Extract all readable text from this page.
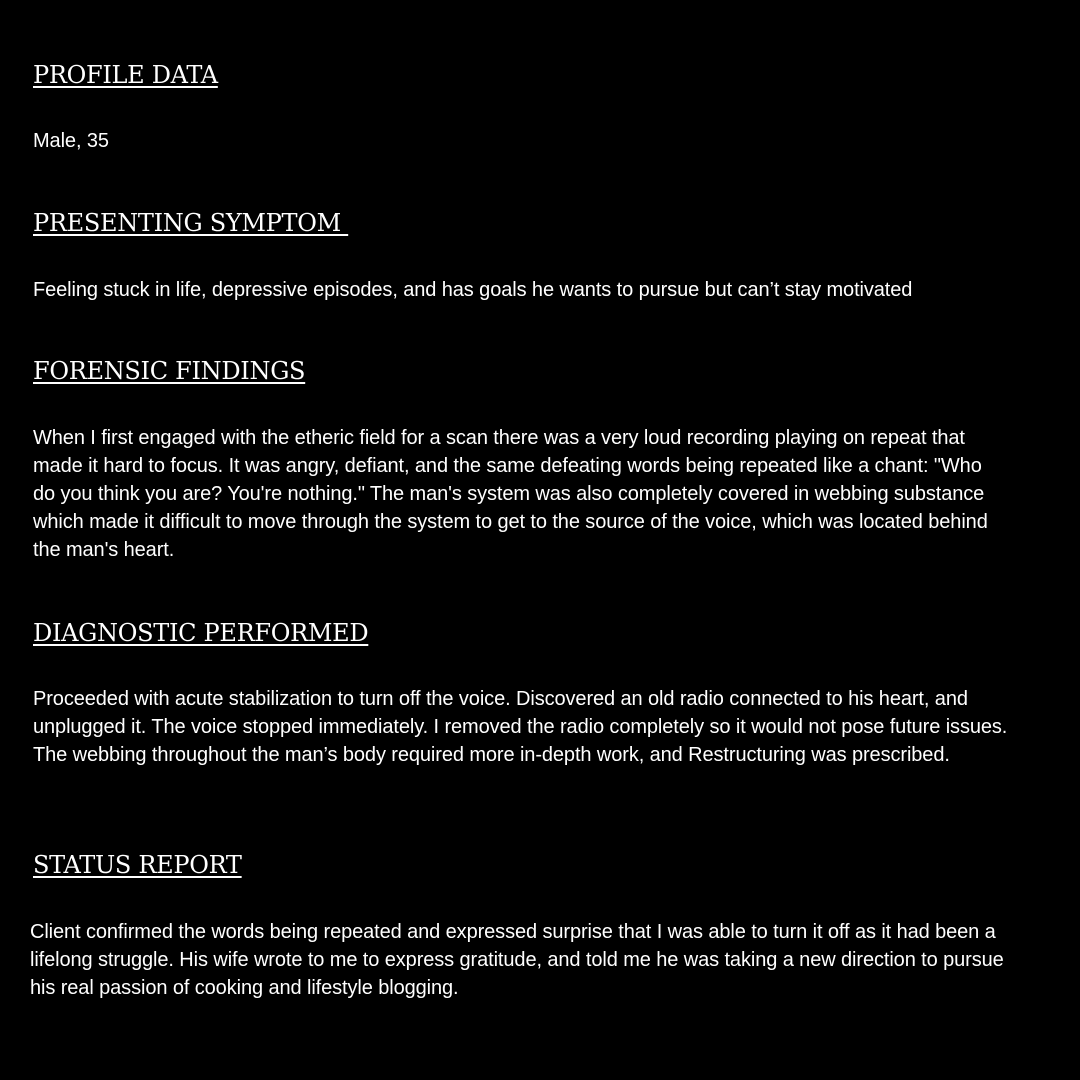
PROFILE DATA

Male, 35

PRESENTING SYMPTOM

Feeling stuck in life, depressive episodes, and has goals he wants to pursue but can’t stay motivated

FORENSIC FINDINGS

When I first engaged with the etheric field for a scan there was a very loud recording playing on repeat that made it hard to focus. It was angry, defiant, and the same defeating words being repeated like a chant: "Who do you think you are? You're nothing." The man's system was also completely covered in webbing substance which made it difficult to move through the system to get to the source of the voice, which was located behind the man's heart.

DIAGNOSTIC PERFORMED

Proceeded with acute stabilization to turn off the voice. Discovered an old radio connected to his heart, and unplugged it. The voice stopped immediately. I removed the radio completely so it would not pose future issues. The webbing throughout the man’s body required more in-depth work, and Restructuring was prescribed.

STATUS REPORT

Client confirmed the words being repeated and expressed surprise that I was able to turn it off as it had been a lifelong struggle. His wife wrote to me to express gratitude, and told me he was taking a new direction to pursue his real passion of cooking and lifestyle blogging.
